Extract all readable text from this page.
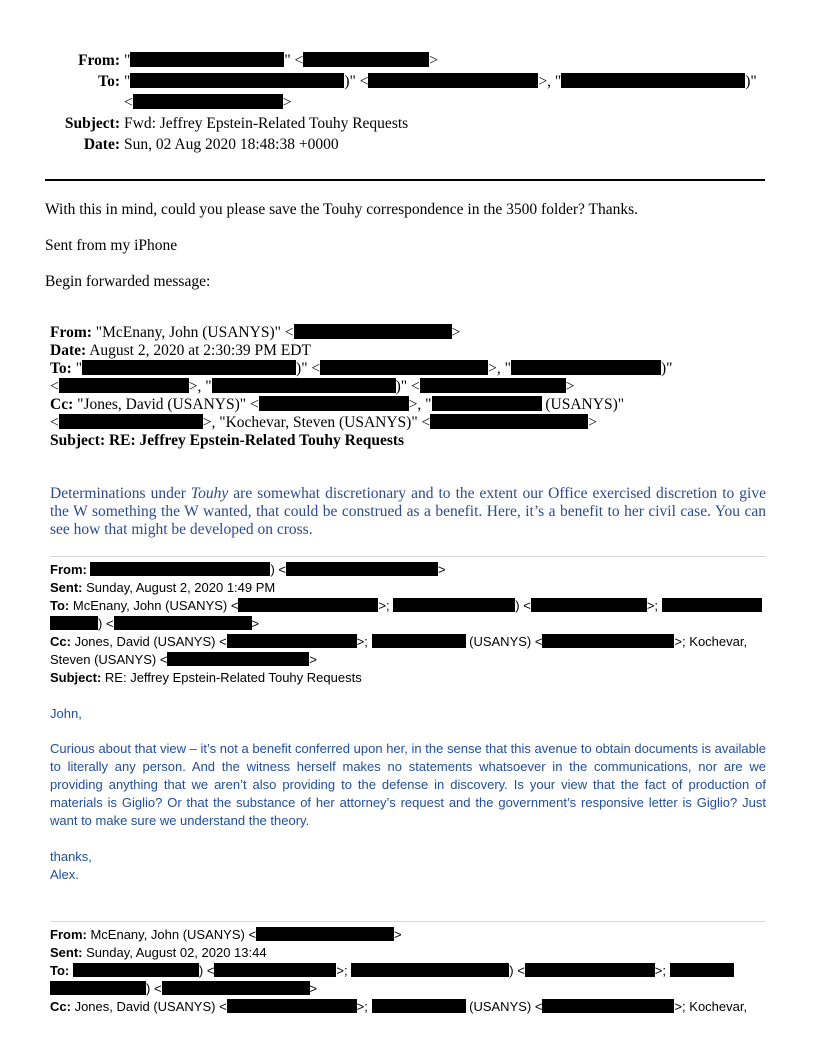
From: "	" <	>
To: "	)" <	>, "	)"
<	>
Subject: Fwd: Jeffrey Epstein-Related Touhy Requests
Date: Sun, 02 Aug 2020 18:48:38 +0000
With this in mind, could you please save the Touhy correspondence in the 3500 folder? Thanks.
Sent from my iPhone
Begin forwarded message:
From: "McEnany, John (USANYS)" <	>
Date: August 2, 2020 at 2:30:39 PM EDT
To: "	)" <	>, "	)"
<	>, "	)" <	>
Cc: "Jones, David (USANYS)" <	>, "	(USANYS)"
<	>, "Kochevar, Steven (USANYS)" <	>
Subject: RE: Jeffrey Epstein-Related Touhy Requests
Determinations under Touhy are somewhat discretionary and to the extent our Office exercised discretion to give the W something the W wanted, that could be construed as a benefit. Here, it’s a benefit to her civil case. You can see how that might be developed on cross.
From:	) <	>
Sent: Sunday, August 2, 2020 1:49 PM
To: McEnany, John (USANYS) <	>;	) <	>;
) <	>
Cc: Jones, David (USANYS) <	>;	(USANYS) <	>; Kochevar,
Steven (USANYS) <	>
Subject: RE: Jeffrey Epstein-Related Touhy Requests
John,
Curious about that view – it’s not a benefit conferred upon her, in the sense that this avenue to obtain documents is available to literally any person. And the witness herself makes no statements whatsoever in the communications, nor are we providing anything that we aren’t also providing to the defense in discovery. Is your view that the fact of production of materials is Giglio? Or that the substance of her attorney’s request and the government’s responsive letter is Giglio? Just want to make sure we understand the theory.
thanks,
Alex.
From: McEnany, John (USANYS) <	>
Sent: Sunday, August 02, 2020 13:44
To:	) <	>;	) <	>;
) <	>
Cc: Jones, David (USANYS) <	>;	(USANYS) <	>; Kochevar,
